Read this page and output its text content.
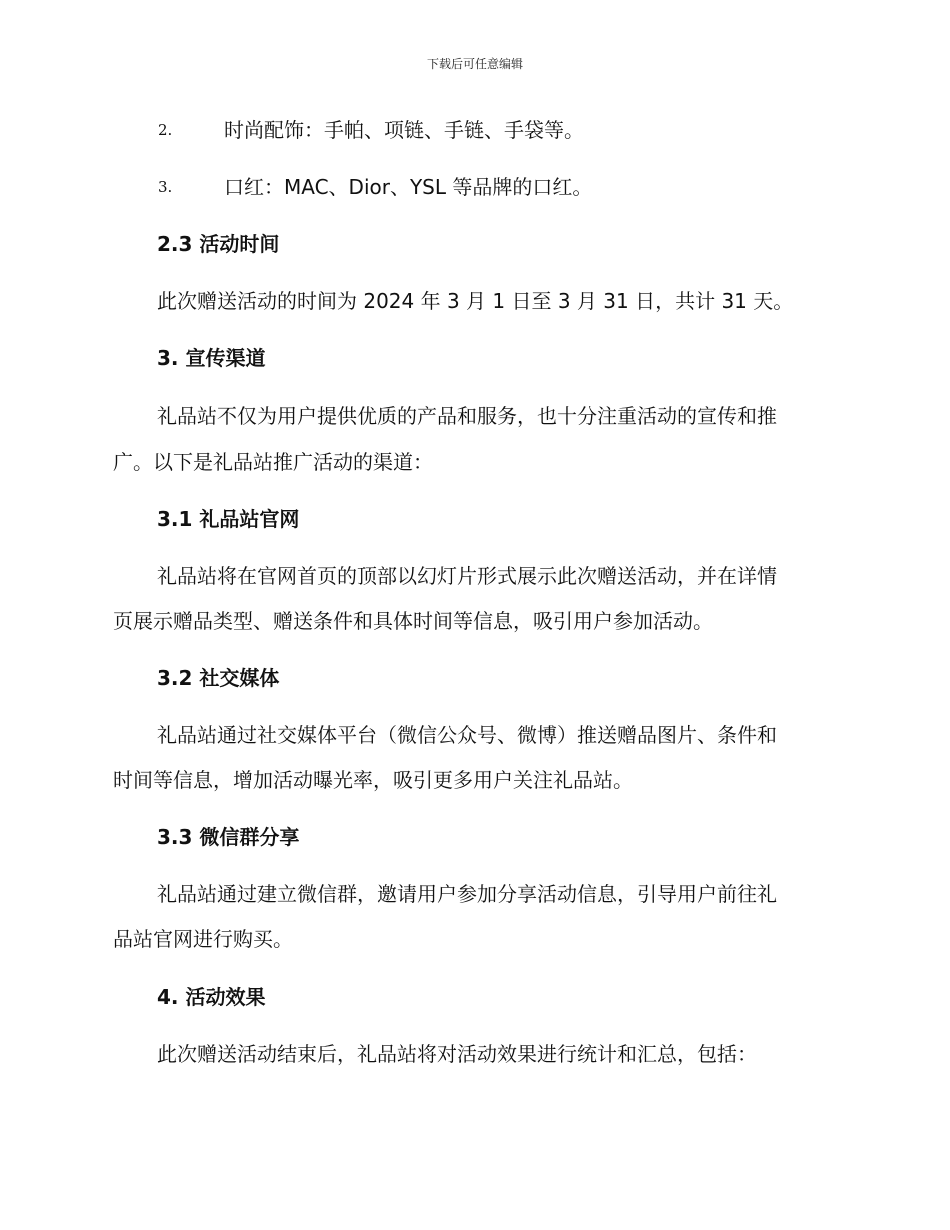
下载后可任意编辑
2.	时尚配饰：手帕、项链、手链、手袋等。
3.	口红：MAC、Dior、YSL 等品牌的口红。
2.3 活动时间
此次赠送活动的时间为 2024 年 3 月 1 日至 3 月 31 日，共计 31 天。
3. 宣传渠道
礼品站不仅为用户提供优质的产品和服务，也十分注重活动的宣传和推
广。以下是礼品站推广活动的渠道：
3.1 礼品站官网
礼品站将在官网首页的顶部以幻灯片形式展示此次赠送活动，并在详情
页展示赠品类型、赠送条件和具体时间等信息，吸引用户参加活动。
3.2 社交媒体
礼品站通过社交媒体平台（微信公众号、微博）推送赠品图片、条件和
时间等信息，增加活动曝光率，吸引更多用户关注礼品站。
3.3 微信群分享
礼品站通过建立微信群，邀请用户参加分享活动信息，引导用户前往礼
品站官网进行购买。
4. 活动效果
此次赠送活动结束后，礼品站将对活动效果进行统计和汇总，包括：
